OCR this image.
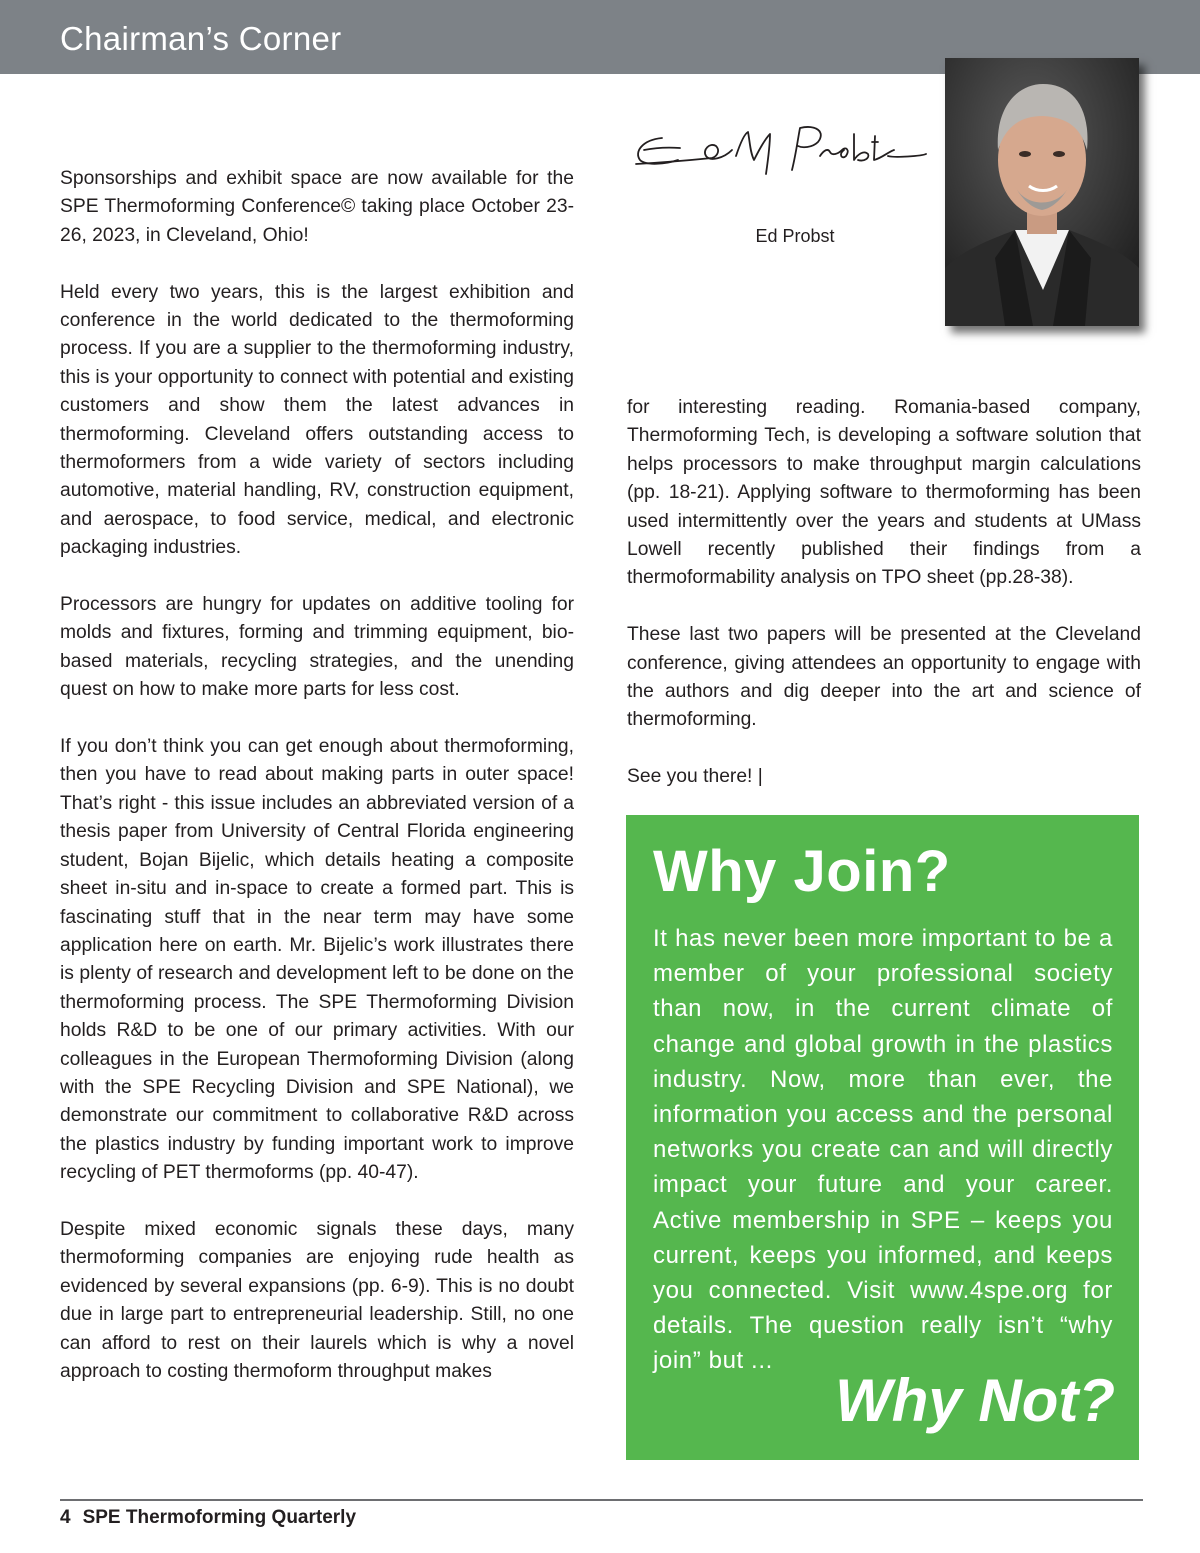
Chairman’s Corner

Sponsorships and exhibit space are now available for the SPE Thermoforming Conference© taking place October 23-26, 2023, in Cleveland, Ohio!

Held every two years, this is the largest exhibition and conference in the world dedicated to the thermoforming process. If you are a supplier to the thermoforming industry, this is your opportunity to connect with potential and existing customers and show them the latest advances in thermoforming. Cleveland offers outstanding access to thermoformers from a wide variety of sectors including automotive, material handling, RV, construction equipment, and aerospace, to food service, medical, and electronic packaging industries.

Processors are hungry for updates on additive tooling for molds and fixtures, forming and trimming equipment, bio-based materials, recycling strategies, and the unending quest on how to make more parts for less cost.

If you don’t think you can get enough about thermoforming, then you have to read about making parts in outer space! That’s right - this issue includes an abbreviated version of a thesis paper from University of Central Florida engineering student, Bojan Bijelic, which details heating a composite sheet in-situ and in-space to create a formed part. This is fascinating stuff that in the near term may have some application here on earth. Mr. Bijelic’s work illustrates there is plenty of research and development left to be done on the thermoforming process. The SPE Thermoforming Division holds R&D to be one of our primary activities. With our colleagues in the European Thermoforming Division (along with the SPE Recycling Division and SPE National), we demonstrate our commitment to collaborative R&D across the plastics industry by funding important work to improve recycling of PET thermoforms (pp. 40-47).

Despite mixed economic signals these days, many thermoforming companies are enjoying rude health as evidenced by several expansions (pp. 6-9). This is no doubt due in large part to entrepreneurial leadership. Still, no one can afford to rest on their laurels which is why a novel approach to costing thermoform throughput makes

Ed Probst

for interesting reading. Romania-based company, Thermoforming Tech, is developing a software solution that helps processors to make throughput margin calculations (pp. 18-21). Applying software to thermoforming has been used intermittently over the years and students at UMass Lowell recently published their findings from a thermoformability analysis on TPO sheet (pp.28-38).

These last two papers will be presented at the Cleveland conference, giving attendees an opportunity to engage with the authors and dig deeper into the art and science of thermoforming.

See you there! |

Why Join?
It has never been more important to be a member of your professional society than now, in the current climate of change and global growth in the plastics industry. Now, more than ever, the information you access and the personal networks you create can and will directly impact your future and your career. Active membership in SPE – keeps you current, keeps you informed, and keeps you connected. Visit www.4spe.org for details. The question really isn’t “why join” but ...
Why Not?
4 SPE Thermoforming Quarterly
